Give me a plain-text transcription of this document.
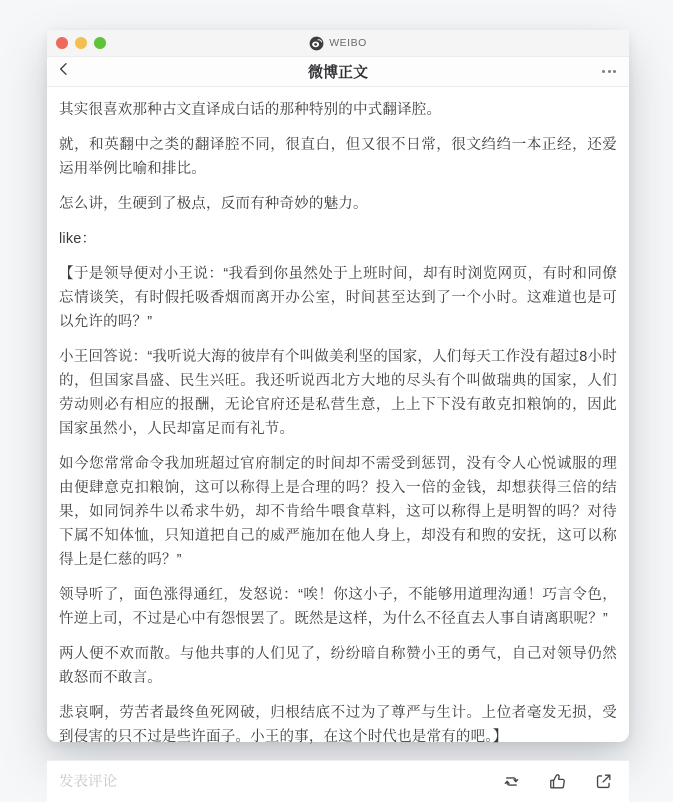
WEIBO
微博正文

其实很喜欢那种古文直译成白话的那种特别的中式翻译腔。

就，和英翻中之类的翻译腔不同，很直白，但又很不日常，很文绉绉一本正经，还爱运用举例比喻和排比。

怎么讲，生硬到了极点，反而有种奇妙的魅力。

like：

【于是领导便对小王说：“我看到你虽然处于上班时间，却有时浏览网页，有时和同僚忘情谈笑，有时假托吸香烟而离开办公室，时间甚至达到了一个小时。这难道也是可以允许的吗？”

小王回答说：“我听说大海的彼岸有个叫做美利坚的国家，人们每天工作没有超过8小时的，但国家昌盛、民生兴旺。我还听说西北方大地的尽头有个叫做瑞典的国家，人们劳动则必有相应的报酬，无论官府还是私营生意，上上下下没有敢克扣粮饷的，因此国家虽然小，人民却富足而有礼节。

如今您常常命令我加班超过官府制定的时间却不需受到惩罚，没有令人心悦诚服的理由便肆意克扣粮饷，这可以称得上是合理的吗？投入一倍的金钱，却想获得三倍的结果，如同饲养牛以希求牛奶，却不肯给牛喂食草料，这可以称得上是明智的吗？对待下属不知体恤，只知道把自己的威严施加在他人身上，却没有和煦的安抚，这可以称得上是仁慈的吗？”

领导听了，面色涨得通红，发怒说：“唉！你这小子，不能够用道理沟通！巧言令色，忤逆上司，不过是心中有怨恨罢了。既然是这样，为什么不径直去人事自请离职呢？”

两人便不欢而散。与他共事的人们见了，纷纷暗自称赞小王的勇气，自己对领导仍然敢怒而不敢言。

悲哀啊，劳苦者最终鱼死网破，归根结底不过为了尊严与生计。上位者毫发无损，受到侵害的只不过是些许面子。小王的事，在这个时代也是常有的吧。】

发表评论
